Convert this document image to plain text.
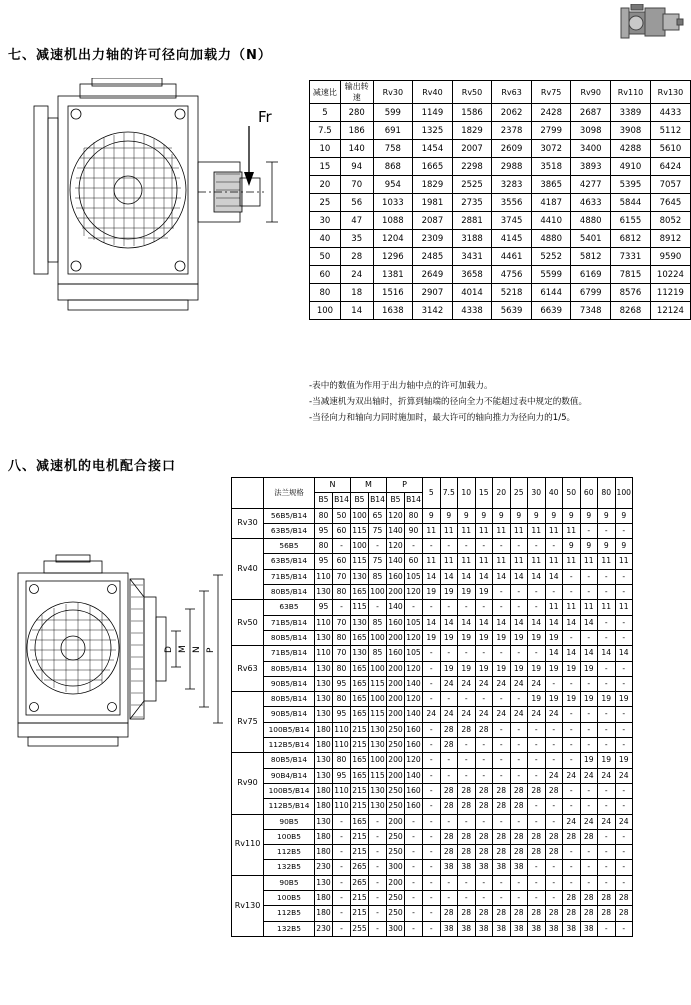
七、减速机出力轴的许可径向加载力（N）
Fr
减速比	输出转速	Rv30	Rv40	Rv50	Rv63	Rv75	Rv90	Rv110	Rv130
5	280	599	1149	1586	2062	2428	2687	3389	4433
7.5	186	691	1325	1829	2378	2799	3098	3908	5112
10	140	758	1454	2007	2609	3072	3400	4288	5610
15	94	868	1665	2298	2988	3518	3893	4910	6424
20	70	954	1829	2525	3283	3865	4277	5395	7057
25	56	1033	1981	2735	3556	4187	4633	5844	7645
30	47	1088	2087	2881	3745	4410	4880	6155	8052
40	35	1204	2309	3188	4145	4880	5401	6812	8912
50	28	1296	2485	3431	4461	5252	5812	7331	9590
60	24	1381	2649	3658	4756	5599	6169	7815	10224
80	18	1516	2907	4014	5218	6144	6799	8576	11219
100	14	1638	3142	4338	5639	6639	7348	8268	12124
-表中的数值为作用于出力轴中点的许可加载力。
-当减速机为双出轴时，折算到轴端的径向全力不能超过表中规定的数值。
-当径向力和轴向力同时施加时，最大许可的轴向推力为径向力的1/5。
八、减速机的电机配合接口
D M N P
	法兰规格	N		M		P		5	7.5	10	15	20	25	30	40	50	60	80	100
		B5	B14	B5	B14	B5	B14												
Rv30	56B5/B14	80	50	100	65	120	80	9	9	9	9	9	9	9	9	9	9	9	9
	63B5/B14	95	60	115	75	140	90	11	11	11	11	11	11	11	11	11	-	-	-
Rv40	56B5	80	-	100	-	120	-	-	-	-	-	-	-	-	-	9	9	9	9
	63B5/B14	95	60	115	75	140	60	11	11	11	11	11	11	11	11	11	11	11	11
	71B5/B14	110	70	130	85	160	105	14	14	14	14	14	14	14	14	-	-	-	-
	80B5/B14	130	80	165	100	200	120	19	19	19	19	-	-	-	-	-	-	-	-
Rv50	63B5	95	-	115	-	140	-	-	-	-	-	-	-	-	11	11	11	11	11
	71B5/B14	110	70	130	85	160	105	14	14	14	14	14	14	14	14	14	14	-	-
	80B5/B14	130	80	165	100	200	120	19	19	19	19	19	19	19	19	-	-	-	-
Rv63	71B5/B14	110	70	130	85	160	105	-	-	-	-	-	-	-	14	14	14	14	14
	80B5/B14	130	80	165	100	200	120	-	19	19	19	19	19	19	19	19	19	-	-
	90B5/B14	130	95	165	115	200	140	-	24	24	24	24	24	24	-	-	-	-	-
Rv75	80B5/B14	130	80	165	100	200	120	-	-	-	-	-	-	19	19	19	19	19	19
	90B5/B14	130	95	165	115	200	140	24	24	24	24	24	24	24	24	-	-	-	-
	100B5/B14	180	110	215	130	250	160	-	28	28	28	-	-	-	-	-	-	-	-
	112B5/B14	180	110	215	130	250	160	-	28	-	-	-	-	-	-	-	-	-	-
Rv90	80B5/B14	130	80	165	100	200	120	-	-	-	-	-	-	-	-	-	19	19	19
	90B4/B14	130	95	165	115	200	140	-	-	-	-	-	-	-	24	24	24	24	24
	100B5/B14	180	110	215	130	250	160	-	28	28	28	28	28	28	28	-	-	-	-
	112B5/B14	180	110	215	130	250	160	-	28	28	28	28	28	-	-	-	-	-	-
Rv110	90B5	130	-	165	-	200	-	-	-	-	-	-	-	-	-	24	24	24	24
	100B5	180	-	215	-	250	-	-	28	28	28	28	28	28	28	28	28	-	-
	112B5	180	-	215	-	250	-	-	28	28	28	28	28	28	28	-	-	-	-
	132B5	230	-	265	-	300	-	-	38	38	38	38	38	-	-	-	-	-	-
Rv130	90B5	130	-	265	-	200	-	-	-	-	-	-	-	-	-	-	-	-	-
	100B5	180	-	215	-	250	-	-	-	-	-	-	-	-	-	28	28	28	28
	112B5	180	-	215	-	250	-	-	28	28	28	28	28	28	28	28	28	28	28
	132B5	230	-	255	-	300	-	-	38	38	38	38	38	38	38	38	38	-	-
